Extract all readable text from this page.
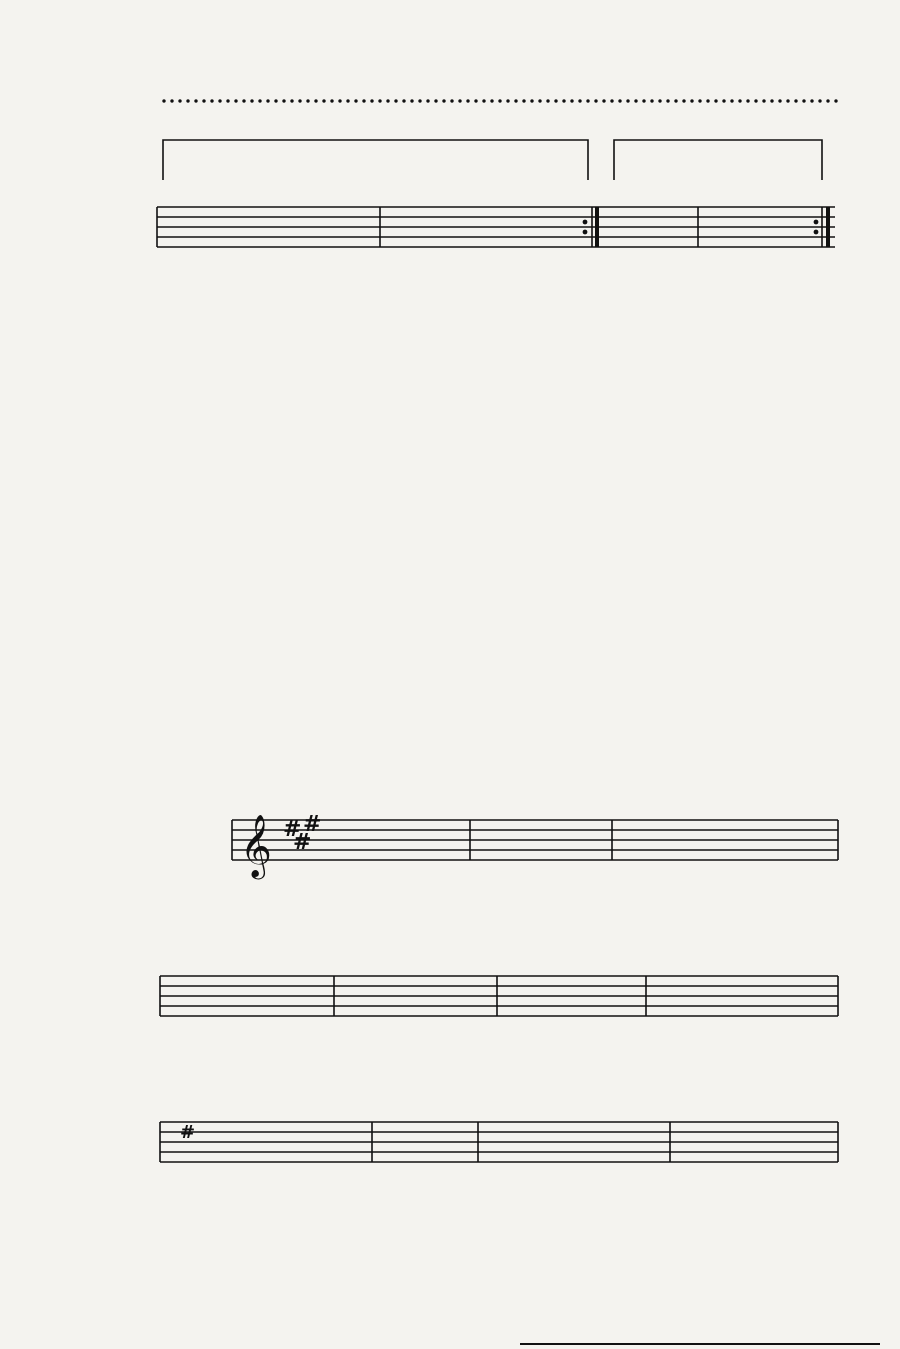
𝄞 #
#
#
#
